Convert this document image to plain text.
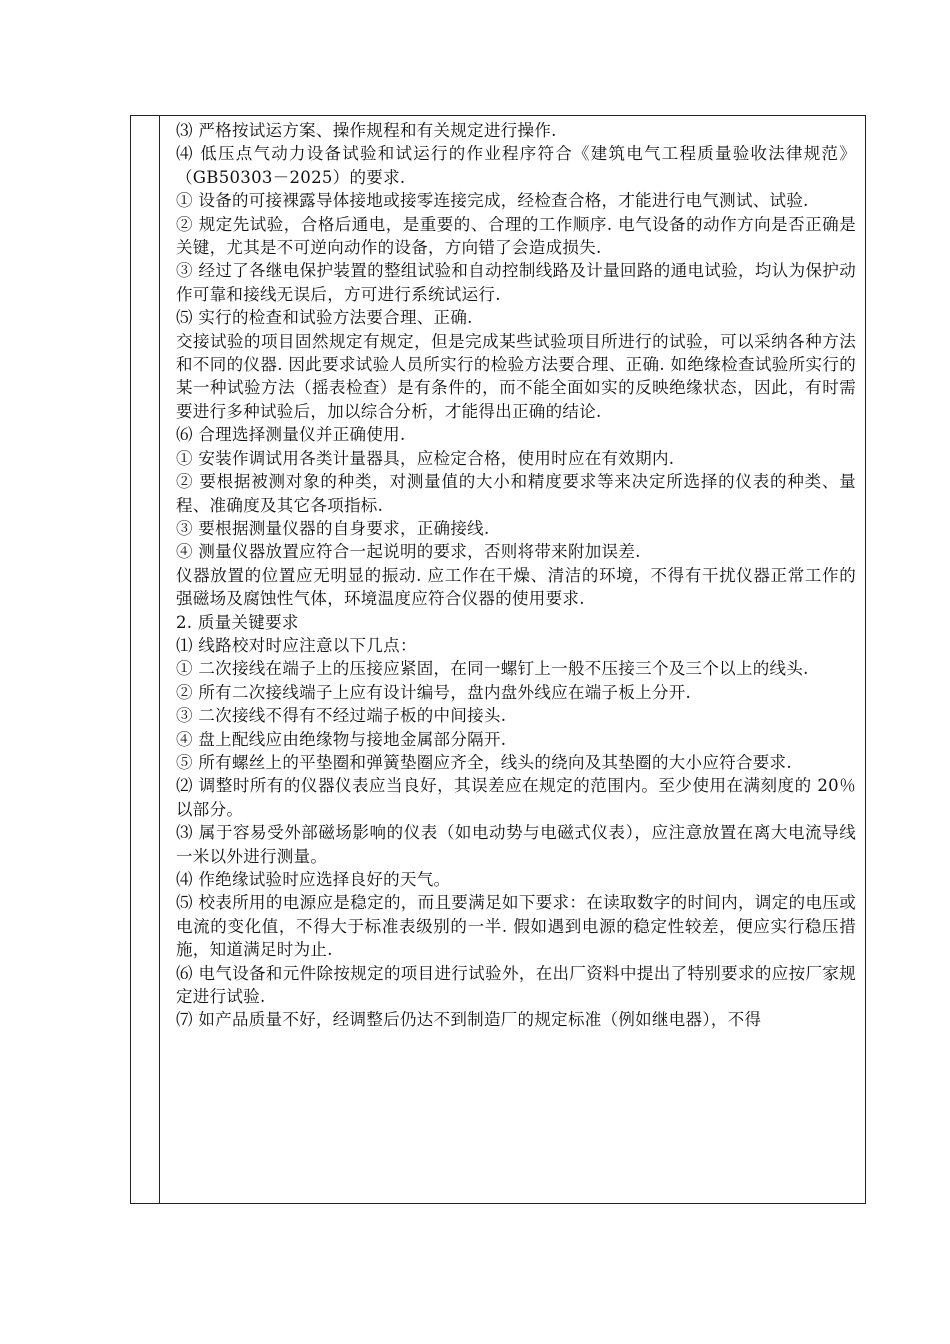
⑶ 严格按试运方案、操作规程和有关规定进行操作.

⑷ 低压点气动力设备试验和试运行的作业程序符合《建筑电气工程质量验收法律规范》（GB50303－2025）的要求.

① 设备的可接裸露导体接地或接零连接完成，经检查合格，才能进行电气测试、试验.

② 规定先试验，合格后通电，是重要的、合理的工作顺序. 电气设备的动作方向是否正确是关键，尤其是不可逆向动作的设备，方向错了会造成损失.

③ 经过了各继电保护装置的整组试验和自动控制线路及计量回路的通电试验，均认为保护动作可靠和接线无误后，方可进行系统试运行.

⑸ 实行的检查和试验方法要合理、正确.

交接试验的项目固然规定有规定，但是完成某些试验项目所进行的试验，可以采纳各种方法和不同的仪器. 因此要求试验人员所实行的检验方法要合理、正确. 如绝缘检查试验所实行的某一种试验方法（摇表检查）是有条件的，而不能全面如实的反映绝缘状态，因此，有时需要进行多种试验后，加以综合分析，才能得出正确的结论.

⑹ 合理选择测量仪并正确使用.

① 安装作调试用各类计量器具，应检定合格，使用时应在有效期内.

② 要根据被测对象的种类，对测量值的大小和精度要求等来决定所选择的仪表的种类、量程、准确度及其它各项指标.

③ 要根据测量仪器的自身要求，正确接线.

④ 测量仪器放置应符合一起说明的要求，否则将带来附加误差.

仪器放置的位置应无明显的振动. 应工作在干燥、清洁的环境，不得有干扰仪器正常工作的强磁场及腐蚀性气体，环境温度应符合仪器的使用要求.

2. 质量关键要求

⑴ 线路校对时应注意以下几点：

① 二次接线在端子上的压接应紧固，在同一螺钉上一般不压接三个及三个以上的线头.

② 所有二次接线端子上应有设计编号，盘内盘外线应在端子板上分开.

③ 二次接线不得有不经过端子板的中间接头.

④ 盘上配线应由绝缘物与接地金属部分隔开.

⑤ 所有螺丝上的平垫圈和弹簧垫圈应齐全，线头的绕向及其垫圈的大小应符合要求.

⑵ 调整时所有的仪器仪表应当良好，其误差应在规定的范围内。至少使用在满刻度的 20％以部分。

⑶ 属于容易受外部磁场影响的仪表（如电动势与电磁式仪表），应注意放置在离大电流导线一米以外进行测量。

⑷ 作绝缘试验时应选择良好的天气。

⑸ 校表所用的电源应是稳定的，而且要满足如下要求：在读取数字的时间内，调定的电压或电流的变化值，不得大于标准表级别的一半. 假如遇到电源的稳定性较差，便应实行稳压措施，知道满足时为止.

⑹ 电气设备和元件除按规定的项目进行试验外，在出厂资料中提出了特别要求的应按厂家规定进行试验.

⑺ 如产品质量不好，经调整后仍达不到制造厂的规定标准（例如继电器），不得
